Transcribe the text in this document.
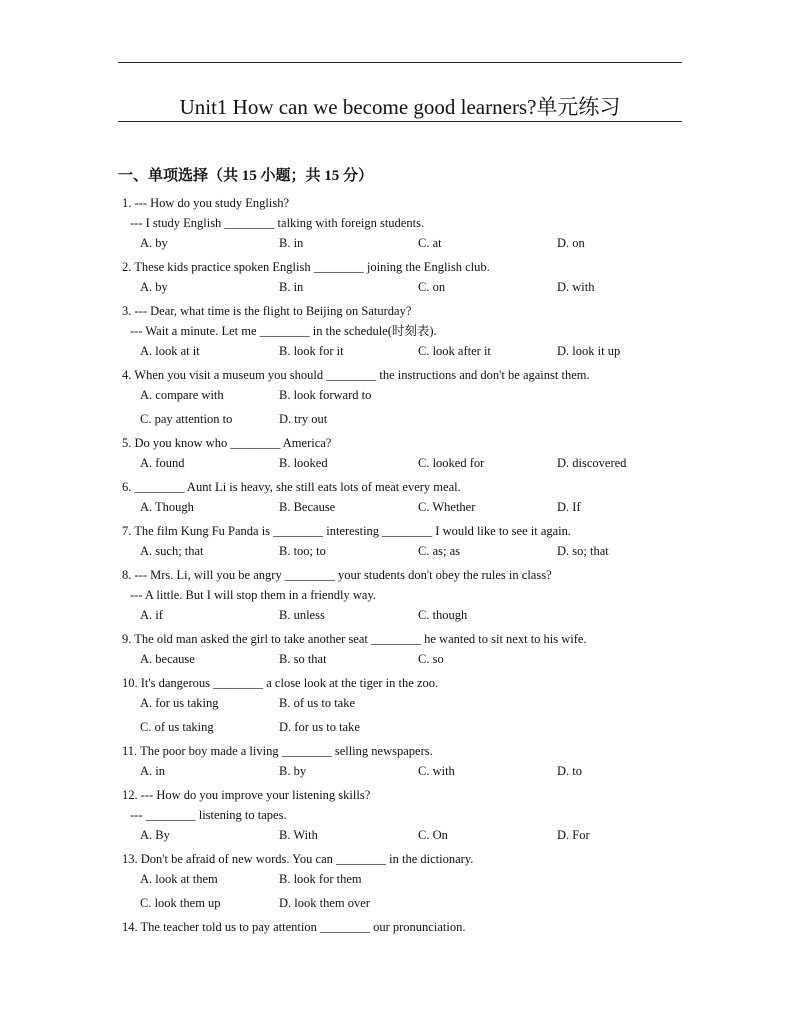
Unit1 How can we become good learners?单元练习
一、单项选择（共 15 小题；共 15 分）
1. --- How do you study English?
--- I study English ________ talking with foreign students.
A. by	B. in	C. at	D. on
2. These kids practice spoken English ________ joining the English club.
A. by	B. in	C. on	D. with
3. --- Dear, what time is the flight to Beijing on Saturday?
--- Wait a minute. Let me ________ in the schedule(时刻表).
A. look at it	B. look for it	C. look after it	D. look it up
4. When you visit a museum you should ________ the instructions and don't be against them.
A. compare with	B. look forward to
C. pay attention to	D. try out
5. Do you know who ________ America?
A. found	B. looked	C. looked for	D. discovered
6. ________ Aunt Li is heavy, she still eats lots of meat every meal.
A. Though	B. Because	C. Whether	D. If
7. The film Kung Fu Panda is ________ interesting ________ I would like to see it again.
A. such; that	B. too; to	C. as; as	D. so; that
8. --- Mrs. Li, will you be angry ________ your students don't obey the rules in class?
--- A little. But I will stop them in a friendly way.
A. if	B. unless	C. though
9. The old man asked the girl to take another seat ________ he wanted to sit next to his wife.
A. because	B. so that	C. so
10. It's dangerous ________ a close look at the tiger in the zoo.
A. for us taking	B. of us to take
C. of us taking	D. for us to take
11. The poor boy made a living ________ selling newspapers.
A. in	B. by	C. with	D. to
12. --- How do you improve your listening skills?
--- ________ listening to tapes.
A. By	B. With	C. On	D. For
13. Don't be afraid of new words. You can ________ in the dictionary.
A. look at them	B. look for them
C. look them up	D. look them over
14. The teacher told us to pay attention ________ our pronunciation.
